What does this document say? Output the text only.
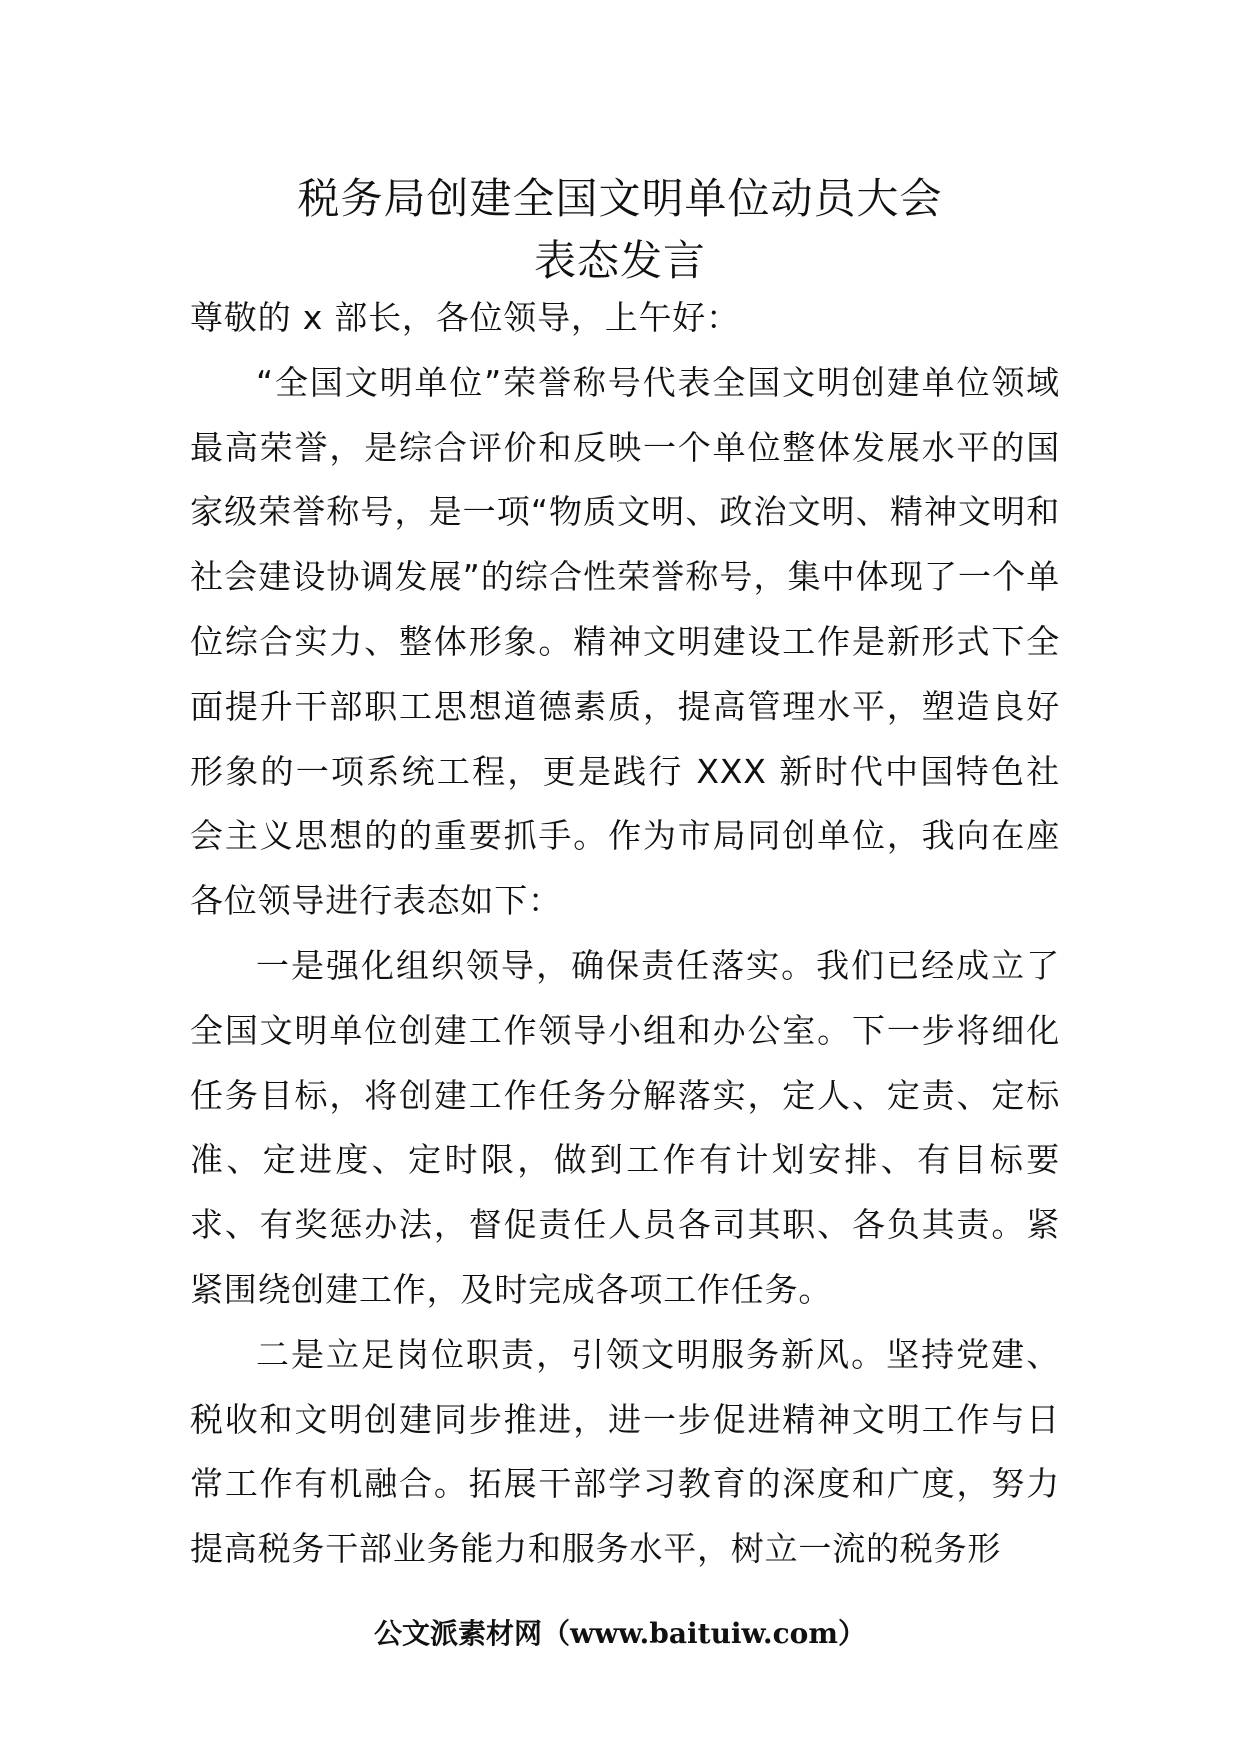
税务局创建全国文明单位动员大会
表态发言

尊敬的 x 部长，各位领导，上午好：

“全国文明单位”荣誉称号代表全国文明创建单位领域最高荣誉，是综合评价和反映一个单位整体发展水平的国家级荣誉称号，是一项“物质文明、政治文明、精神文明和社会建设协调发展”的综合性荣誉称号，集中体现了一个单位综合实力、整体形象。精神文明建设工作是新形式下全面提升干部职工思想道德素质，提高管理水平，塑造良好形象的一项系统工程，更是践行 XXX 新时代中国特色社会主义思想的的重要抓手。作为市局同创单位，我向在座各位领导进行表态如下：

一是强化组织领导，确保责任落实。我们已经成立了全国文明单位创建工作领导小组和办公室。下一步将细化任务目标，将创建工作任务分解落实，定人、定责、定标准、定进度、定时限，做到工作有计划安排、有目标要求、有奖惩办法，督促责任人员各司其职、各负其责。紧紧围绕创建工作，及时完成各项工作任务。

二是立足岗位职责，引领文明服务新风。坚持党建、税收和文明创建同步推进，进一步促进精神文明工作与日常工作有机融合。拓展干部学习教育的深度和广度，努力提高税务干部业务能力和服务水平，树立一流的税务形

公文派素材网（www.baituiw.com）
